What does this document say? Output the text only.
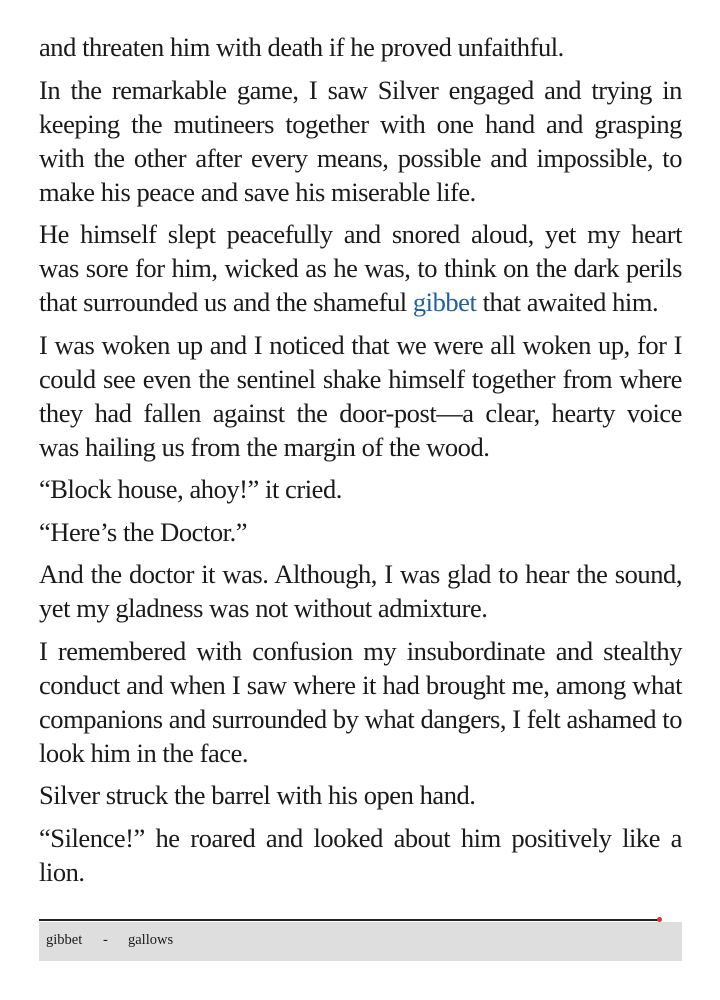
and threaten him with death if he proved unfaithful.

In the remarkable game, I saw Silver engaged and trying in keeping the mutineers together with one hand and grasping with the other after every means, possible and impossible, to make his peace and save his miserable life.

He himself slept peacefully and snored aloud, yet my heart was sore for him, wicked as he was, to think on the dark perils that surrounded us and the shameful gibbet that awaited him.

I was woken up and I noticed that we were all woken up, for I could see even the sentinel shake himself together from where they had fallen against the door-post—a clear, hearty voice was hailing us from the margin of the wood.

“Block house, ahoy!” it cried.

“Here’s the Doctor.”

And the doctor it was. Although, I was glad to hear the sound, yet my gladness was not without admixture.

I remembered with confusion my insubordinate and stealthy conduct and when I saw where it had brought me, among what companions and surrounded by what dangers, I felt ashamed to look him in the face.

Silver struck the barrel with his open hand.

“Silence!” he roared and looked about him positively like a lion.

gibbet - gallows
